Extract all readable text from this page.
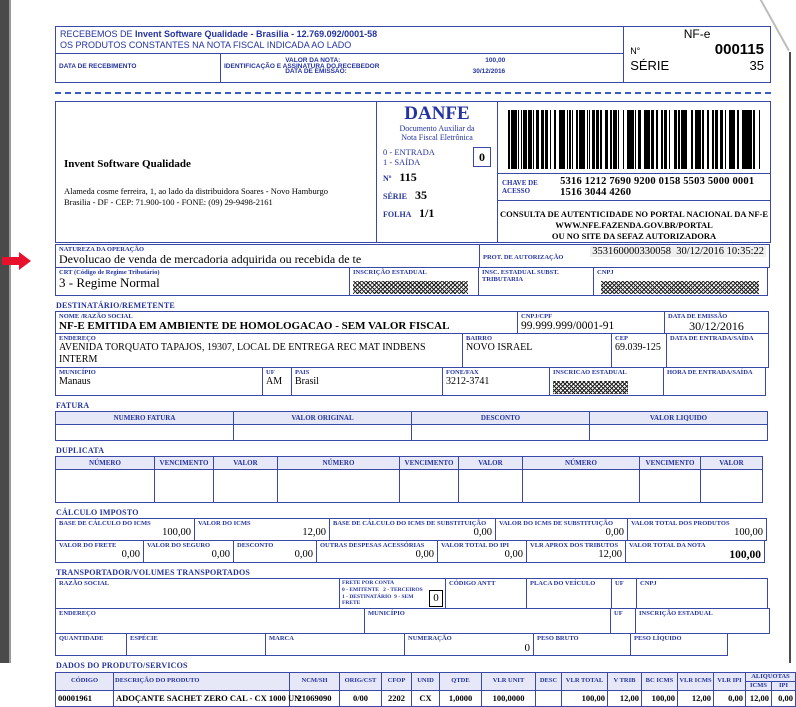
RECEBEMOS DE Invent Software Qualidade - Brasilia - 12.769.092/0001-58
OS PRODUTOS CONSTANTES NA NOTA FISCAL INDICADA AO LADO
DATA DE RECEBIMENTO	IDENTIFICAÇÃO E ASSINATURA DO RECEBEDOR
VALOR DA NOTA:	100,00
DATA DE EMISSÃO:	30/12/2016
NF-e
N°	000115
SÉRIE	35
Invent Software Qualidade
Alameda cosme ferreira, 1, ao lado da distribuidora Soares - Novo Hamburgo
Brasilia - DF - CEP: 71.900-100 - FONE: (09) 29-9498-2161
DANFE
Documento Auxiliar da
Nota Fiscal Eletrônica
0 - ENTRADA
1 - SAÍDA	0
Nº 115
SÉRIE 35
FOLHA 1/1
CHAVE DE ACESSO
5316 1212 7690 9200 0158 5503 5000 0001 1516 3044 4260
CONSULTA DE AUTENTICIDADE NO PORTAL NACIONAL DA NF-E
WWW.NFE.FAZENDA.GOV.BR/PORTAL
OU NO SITE DA SEFAZ AUTORIZADORA
NATUREZA DA OPERAÇÃO
Devolucao de venda de mercadoria adquirida ou recebida de te	PROT. DE AUTORIZAÇÃO
353160000330058  30/12/2016 10:35:22
CRT (Código de Regime Tributário)
3 - Regime Normal
INSCRIÇÃO ESTADUAL	INSC. ESTADUAL SUBST. TRIBUTARIA
CNPJ
DESTINATÁRIO/REMETENTE
NOME /RAZÃO SOCIAL
NF-E EMITIDA EM AMBIENTE DE HOMOLOGACAO - SEM VALOR FISCAL
CNPJ/CPF
99.999.999/0001-91
DATA DE EMISSÃO
30/12/2016
ENDEREÇO
AVENIDA TORQUATO TAPAJOS, 19307, LOCAL DE ENTREGA REC MAT INDBENS INTERM
BAIRRO
NOVO ISRAEL
CEP
69.039-125
DATA DE ENTRADA/SAÍDA
MUNICÍPIO
Manaus
UF
AM
PAIS
Brasil
FONE/FAX
3212-3741
INSCRICAO ESTADUAL	HORA DE ENTRADA/SAÍDA
FATURA
NUMERO FATURA	VALOR ORIGINAL	DESCONTO	VALOR LIQUIDO
DUPLICATA
NÚMERO	VENCIMENTO	VALOR	NÚMERO	VENCIMENTO	VALOR	NÚMERO	VENCIMENTO	VALOR
CÁLCULO IMPOSTO
BASE DE CÁLCULO DO ICMS
100,00
VALOR DO ICMS
12,00
BASE DE CÁLCULO DO ICMS DE SUBSTITUIÇÃO
0,00
VALOR DO ICMS DE SUBSTITUIÇÃO
0,00
VALOR TOTAL DOS PRODUTOS
100,00
VALOR DO FRETE
0,00
VALOR DO SEGURO
0,00
DESCONTO
0,00
OUTRAS DESPESAS ACESSÓRIAS
0,00
VALOR TOTAL DO IPI
0,00
VLR APROX DOS TRIBUTOS
12,00
VALOR TOTAL DA NOTA
100,00
TRANSPORTADOR/VOLUMES TRANSPORTADOS
RAZÃO SOCIAL	FRETE POR CONTA
0 - EMITENTE 2 - TERCEIROS
1 - DESTINATÁRIO 9 - SEM FRETE	0
CÓDIGO ANTT	PLACA DO VEÍCULO	UF	CNPJ
ENDEREÇO	MUNICÍPIO	UF	INSCRIÇÃO ESTADUAL
QUANTIDADE	ESPÉCIE	MARCA	NUMERAÇÃO
0
PESO BRUTO	PESO LÍQUIDO
DADOS DO PRODUTO/SERVICOS
CÓDIGO	DESCRIÇÃO DO PRODUTO	NCM/SH	ORIG/CST	CFOP	UNID	QTDE	VLR UNIT	DESC	VLR TOTAL	V TRIB	BC ICMS	VLR ICMS	VLR IPI	ALIQUOTAS	
														ICMS	IPI
00001961	ADOÇANTE SACHET ZERO CAL - CX 1000 UN	21069090	0/00	2202	CX	1,0000	100,0000		100,00	12,00	100,00	12,00	0,00	12,00	0,00
